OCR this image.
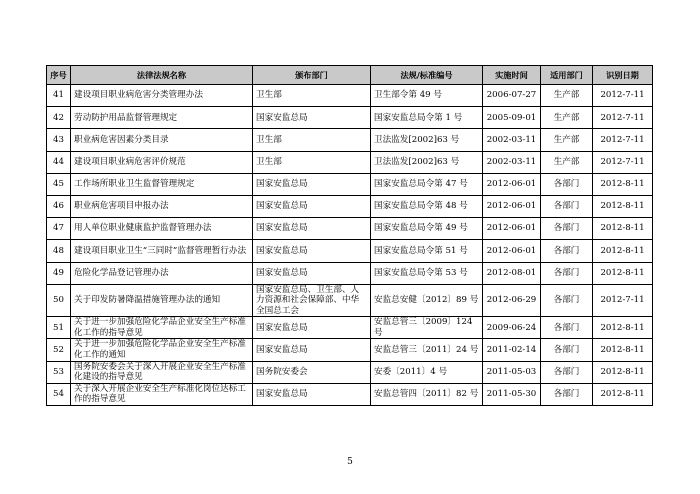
序号	法律法规名称	颁布部门	法规/标准编号	实施时间	适用部门	识别日期
41	建设项目职业病危害分类管理办法	卫生部	卫生部令第 49 号	2006-07-27	生产部	2012-7-11
42	劳动防护用品监督管理规定	国家安监总局	国家安监总局令第 1 号	2005-09-01	生产部	2012-7-11
43	职业病危害因素分类目录	卫生部	卫法监发[2002]63 号	2002-03-11	生产部	2012-7-11
44	建设项目职业病危害评价规范	卫生部	卫法监发[2002]63 号	2002-03-11	生产部	2012-7-11
45	工作场所职业卫生监督管理规定	国家安监总局	国家安监总局令第 47 号	2012-06-01	各部门	2012-8-11
46	职业病危害项目申报办法	国家安监总局	国家安监总局令第 48 号	2012-06-01	各部门	2012-8-11
47	用人单位职业健康监护监督管理办法	国家安监总局	国家安监总局令第 49 号	2012-06-01	各部门	2012-8-11
48	建设项目职业卫生“三同时”监督管理暂行办法	国家安监总局	国家安监总局令第 51 号	2012-06-01	各部门	2012-8-11
49	危险化学品登记管理办法	国家安监总局	国家安监总局令第 53 号	2012-08-01	各部门	2012-8-11
50	关于印发防暑降温措施管理办法的通知	国家安监总局、卫生部、人力资源和社会保障部、中华全国总工会	安监总安健〔2012〕89 号	2012-06-29	各部门	2012-7-11
51	关于进一步加强危险化学品企业安全生产标准化工作的指导意见	国家安监总局	安监总管三〔2009〕124 号	2009-06-24	各部门	2012-8-11
52	关于进一步加强危险化学品企业安全生产标准化工作的通知	国家安监总局	安监总管三〔2011〕24 号	2011-02-14	各部门	2012-8-11
53	国务院安委会关于深入开展企业安全生产标准化建设的指导意见	国务院安委会	安委〔2011〕4 号	2011-05-03	各部门	2012-8-11
54	关于深入开展企业安全生产标准化岗位达标工作的指导意见	国家安监总局	安监总管四〔2011〕82 号	2011-05-30	各部门	2012-8-11
5
